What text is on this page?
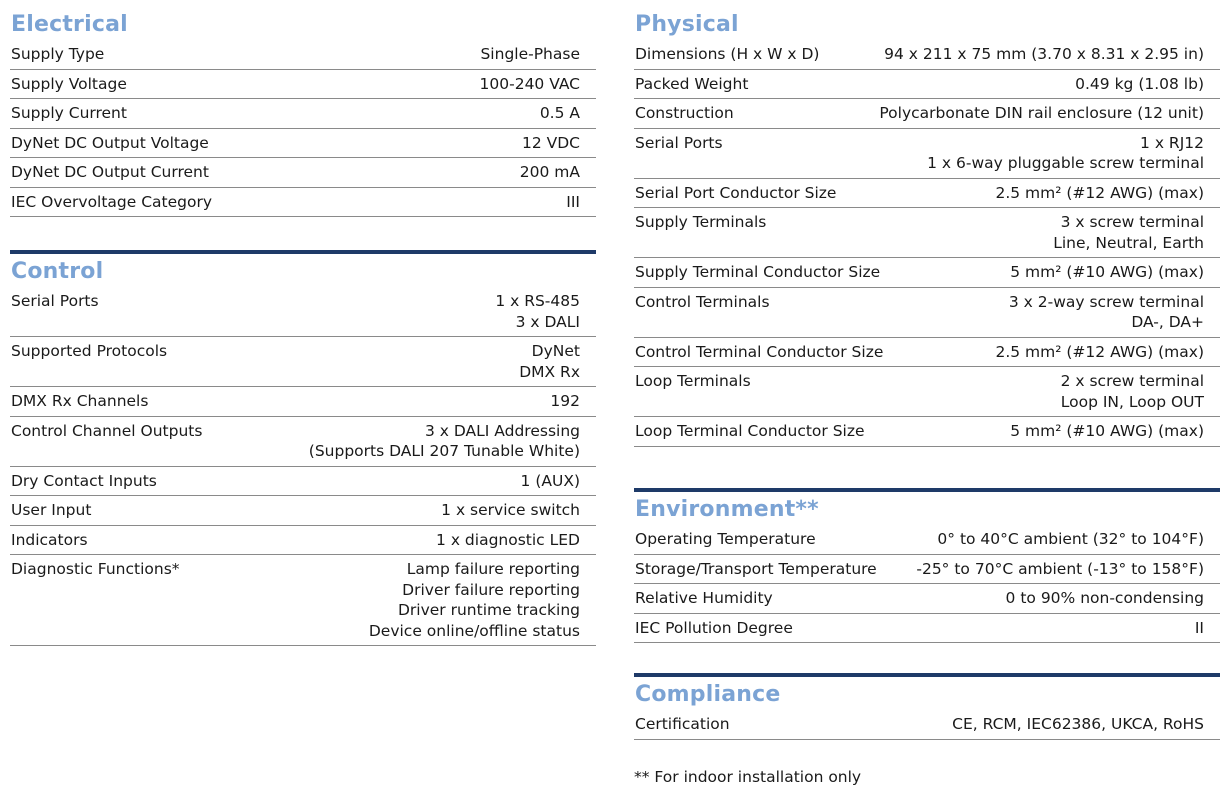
Electrical
Supply Type	Single-Phase
Supply Voltage	100-240 VAC
Supply Current	0.5 A
DyNet DC Output Voltage	12 VDC
DyNet DC Output Current	200 mA
IEC Overvoltage Category	III
Control
Serial Ports	1 x RS-485
3 x DALI
Supported Protocols	DyNet
DMX Rx
DMX Rx Channels	192
Control Channel Outputs	3 x DALI Addressing
(Supports DALI 207 Tunable White)
Dry Contact Inputs	1 (AUX)
User Input	1 x service switch
Indicators	1 x diagnostic LED
Diagnostic Functions*	Lamp failure reporting
Driver failure reporting
Driver runtime tracking
Device online/offline status
Physical
Dimensions (H x W x D)	94 x 211 x 75 mm (3.70 x 8.31 x 2.95 in)
Packed Weight	0.49 kg (1.08 lb)
Construction	Polycarbonate DIN rail enclosure (12 unit)
Serial Ports	1 x RJ12
1 x 6-way pluggable screw terminal
Serial Port Conductor Size	2.5 mm² (#12 AWG) (max)
Supply Terminals	3 x screw terminal
Line, Neutral, Earth
Supply Terminal Conductor Size	5 mm² (#10 AWG) (max)
Control Terminals	3 x 2-way screw terminal
DA-, DA+
Control Terminal Conductor Size	2.5 mm² (#12 AWG) (max)
Loop Terminals	2 x screw terminal
Loop IN, Loop OUT
Loop Terminal Conductor Size	5 mm² (#10 AWG) (max)
Environment**
Operating Temperature	0° to 40°C ambient (32° to 104°F)
Storage/Transport Temperature	-25° to 70°C ambient (-13° to 158°F)
Relative Humidity	0 to 90% non-condensing
IEC Pollution Degree	II
Compliance
Certification	CE, RCM, IEC62386, UKCA, RoHS
** For indoor installation only
